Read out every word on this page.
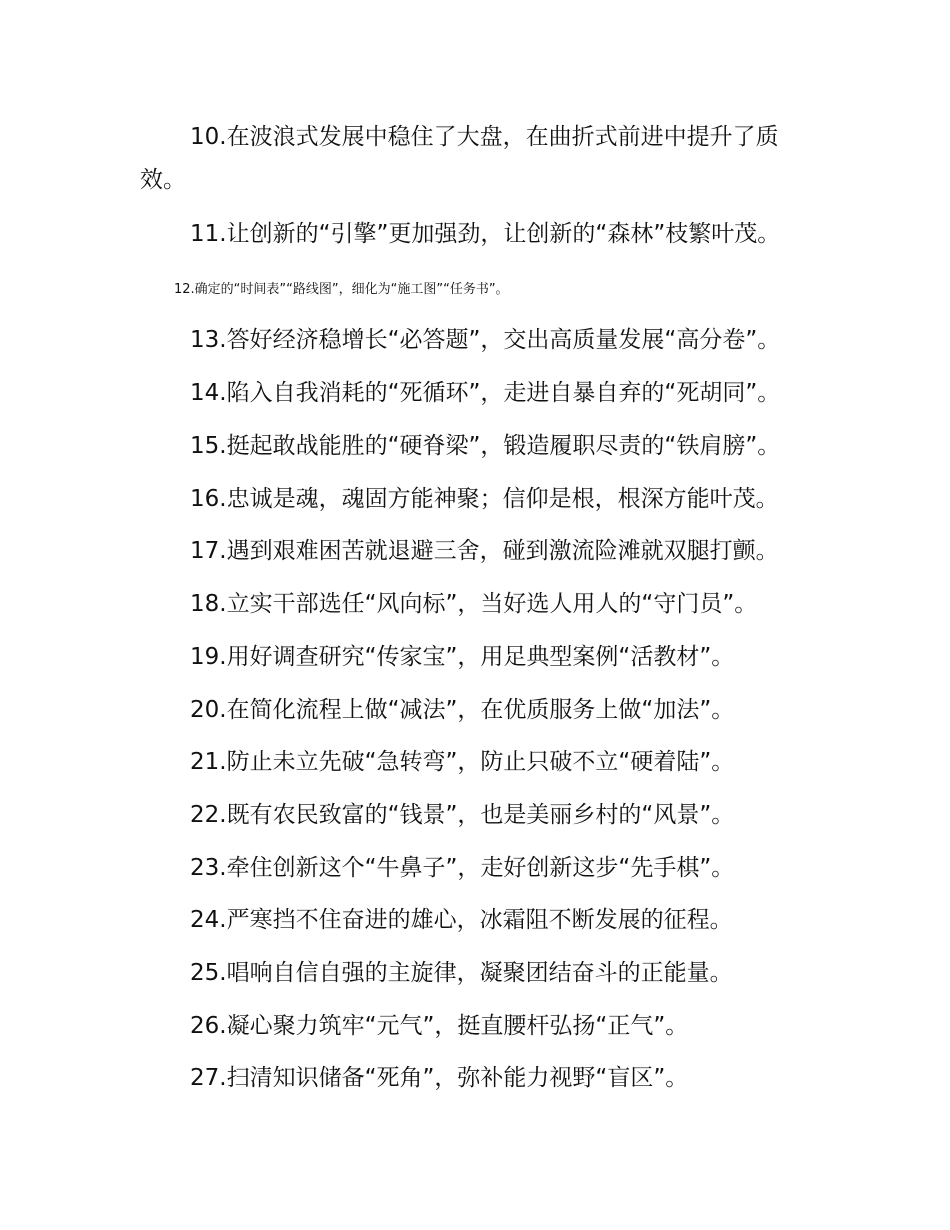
10.在波浪式发展中稳住了大盘，在曲折式前进中提升了质效。
11.让创新的“引擎”更加强劲，让创新的“森林”枝繁叶茂。
12.确定的“时间表”“路线图”，细化为“施工图”“任务书”。
13.答好经济稳增长“必答题”，交出高质量发展“高分卷”。
14.陷入自我消耗的“死循环”，走进自暴自弃的“死胡同”。
15.挺起敢战能胜的“硬脊梁”，锻造履职尽责的“铁肩膀”。
16.忠诚是魂，魂固方能神聚；信仰是根，根深方能叶茂。
17.遇到艰难困苦就退避三舍，碰到激流险滩就双腿打颤。
18.立实干部选任“风向标”，当好选人用人的“守门员”。
19.用好调查研究“传家宝”，用足典型案例“活教材”。
20.在简化流程上做“减法”，在优质服务上做“加法”。
21.防止未立先破“急转弯”，防止只破不立“硬着陆”。
22.既有农民致富的“钱景”，也是美丽乡村的“风景”。
23.牵住创新这个“牛鼻子”，走好创新这步“先手棋”。
24.严寒挡不住奋进的雄心，冰霜阻不断发展的征程。
25.唱响自信自强的主旋律，凝聚团结奋斗的正能量。
26.凝心聚力筑牢“元气”，挺直腰杆弘扬“正气”。
27.扫清知识储备“死角”，弥补能力视野“盲区”。
